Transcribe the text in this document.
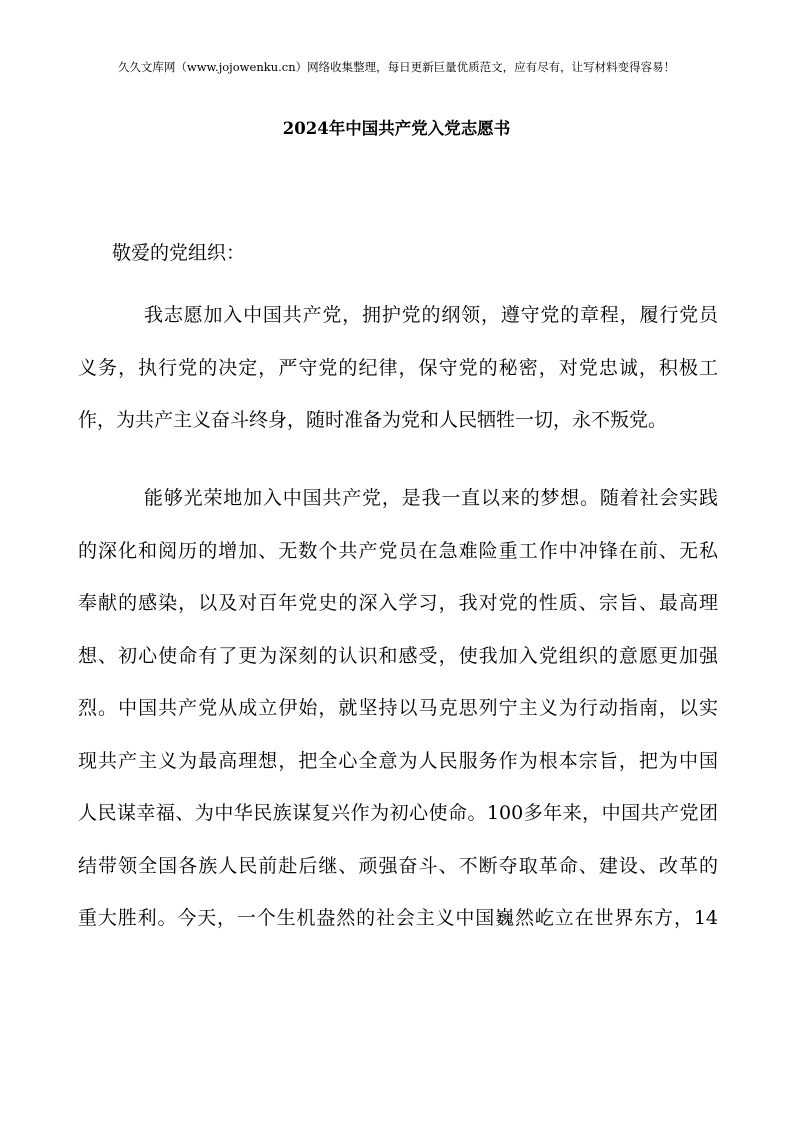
久久文库网（www.jojowenku.cn）网络收集整理，每日更新巨量优质范文，应有尽有，让写材料变得容易！
2024年中国共产党入党志愿书
敬爱的党组织：
我志愿加入中国共产党，拥护党的纲领，遵守党的章程，履行党员
义务，执行党的决定，严守党的纪律，保守党的秘密，对党忠诚，积极工
作，为共产主义奋斗终身，随时准备为党和人民牺牲一切，永不叛党。
能够光荣地加入中国共产党，是我一直以来的梦想。随着社会实践
的深化和阅历的增加、无数个共产党员在急难险重工作中冲锋在前、无私
奉献的感染，以及对百年党史的深入学习，我对党的性质、宗旨、最高理
想、初心使命有了更为深刻的认识和感受，使我加入党组织的意愿更加强
烈。中国共产党从成立伊始，就坚持以马克思列宁主义为行动指南，以实
现共产主义为最高理想，把全心全意为人民服务作为根本宗旨，把为中国
人民谋幸福、为中华民族谋复兴作为初心使命。100多年来，中国共产党团
结带领全国各族人民前赴后继、顽强奋斗、不断夺取革命、建设、改革的
重大胜利。今天，一个生机盎然的社会主义中国巍然屹立在世界东方，14
